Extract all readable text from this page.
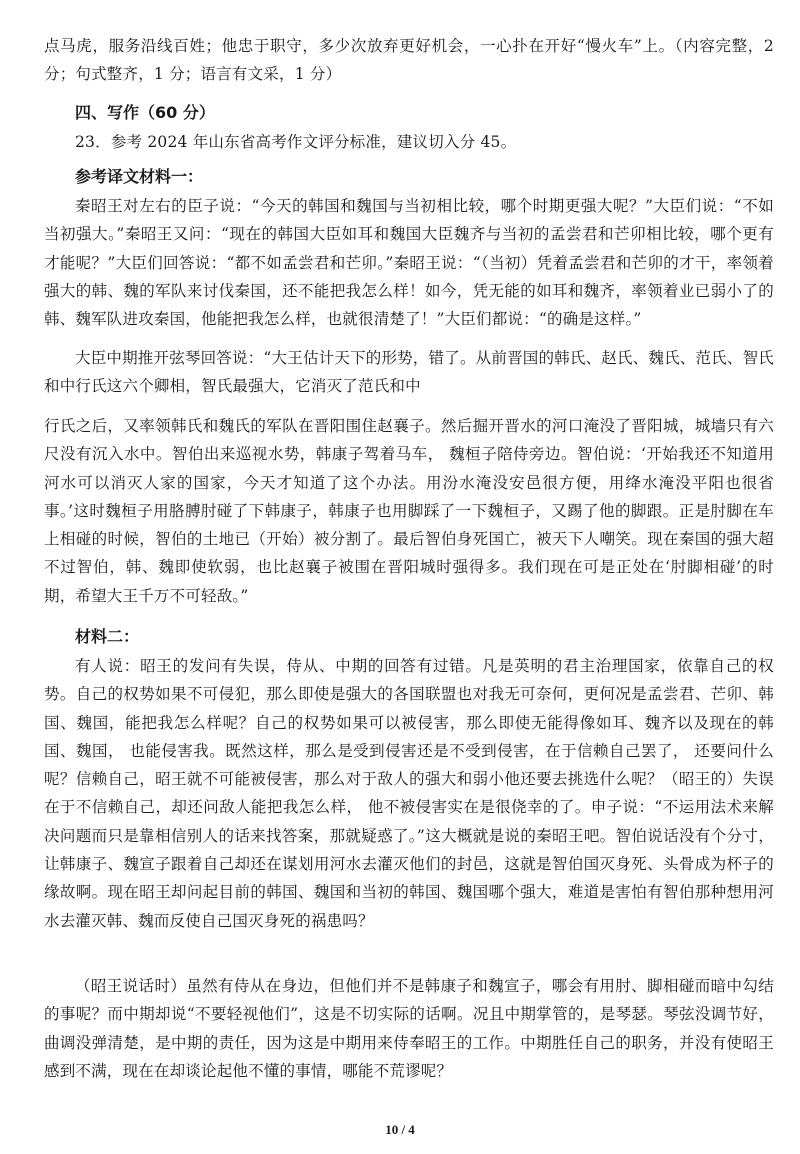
点马虎，服务沿线百姓；他忠于职守，多少次放弃更好机会，一心扑在开好“慢火车”上。（内容完整，2分；句式整齐，1 分；语言有文采，1 分）

四、写作（60 分）

23．参考 2024 年山东省高考作文评分标准，建议切入分 45。

参考译文材料一：

秦昭王对左右的臣子说：“今天的韩国和魏国与当初相比较，哪个时期更强大呢？”大臣们说：“不如当初强大。”秦昭王又问：“现在的韩国大臣如耳和魏国大臣魏齐与当初的孟尝君和芒卯相比较，哪个更有才能呢？”大臣们回答说：“都不如孟尝君和芒卯。”秦昭王说：“（当初）凭着孟尝君和芒卯的才干，率领着强大的韩、魏的军队来讨伐秦国，还不能把我怎么样！如今，凭无能的如耳和魏齐，率领着业已弱小了的韩、魏军队进攻秦国，他能把我怎么样，也就很清楚了！”大臣们都说：“的确是这样。”

大臣中期推开弦琴回答说：“大王估计天下的形势，错了。从前晋国的韩氏、赵氏、魏氏、范氏、智氏和中行氏这六个卿相，智氏最强大，它消灭了范氏和中

行氏之后，又率领韩氏和魏氏的军队在晋阳围住赵襄子。然后掘开晋水的河口淹没了晋阳城，城墙只有六尺没有沉入水中。智伯出来巡视水势，韩康子驾着马车， 魏桓子陪侍旁边。智伯说：‘开始我还不知道用河水可以消灭人家的国家，今天才知道了这个办法。用汾水淹没安邑很方便，用绛水淹没平阳也很省事。’这时魏桓子用胳膊肘碰了下韩康子，韩康子也用脚踩了一下魏桓子，又踢了他的脚跟。正是肘脚在车上相碰的时候，智伯的土地已（开始）被分割了。最后智伯身死国亡，被天下人嘲笑。现在秦国的强大超不过智伯，韩、魏即使软弱，也比赵襄子被围在晋阳城时强得多。我们现在可是正处在‘肘脚相碰’的时期，希望大王千万不可轻敌。”

材料二：

有人说：昭王的发问有失误，侍从、中期的回答有过错。凡是英明的君主治理国家，依靠自己的权势。自己的权势如果不可侵犯，那么即使是强大的各国联盟也对我无可奈何，更何况是孟尝君、芒卯、韩国、魏国，能把我怎么样呢？自己的权势如果可以被侵害，那么即使无能得像如耳、魏齐以及现在的韩国、魏国， 也能侵害我。既然这样，那么是受到侵害还是不受到侵害，在于信赖自己罢了， 还要问什么呢？信赖自己，昭王就不可能被侵害，那么对于敌人的强大和弱小他还要去挑选什么呢？（昭王的）失误在于不信赖自己，却还问敌人能把我怎么样， 他不被侵害实在是很侥幸的了。申子说：“不运用法术来解决问题而只是靠相信别人的话来找答案，那就疑惑了。”这大概就是说的秦昭王吧。智伯说话没有个分寸，让韩康子、魏宣子跟着自己却还在谋划用河水去灌灭他们的封邑，这就是智伯国灭身死、头骨成为杯子的缘故啊。现在昭王却问起目前的韩国、魏国和当初的韩国、魏国哪个强大，难道是害怕有智伯那种想用河水去灌灭韩、魏而反使自己国灭身死的祸患吗？

（昭王说话时）虽然有侍从在身边，但他们并不是韩康子和魏宣子，哪会有用肘、脚相碰而暗中勾结的事呢？而中期却说“不要轻视他们”，这是不切实际的话啊。况且中期掌管的，是琴瑟。琴弦没调节好，曲调没弹清楚，是中期的责任，因为这是中期用来侍奉昭王的工作。中期胜任自己的职务，并没有使昭王感到不满，现在在却谈论起他不懂的事情，哪能不荒谬呢？

10 / 4
